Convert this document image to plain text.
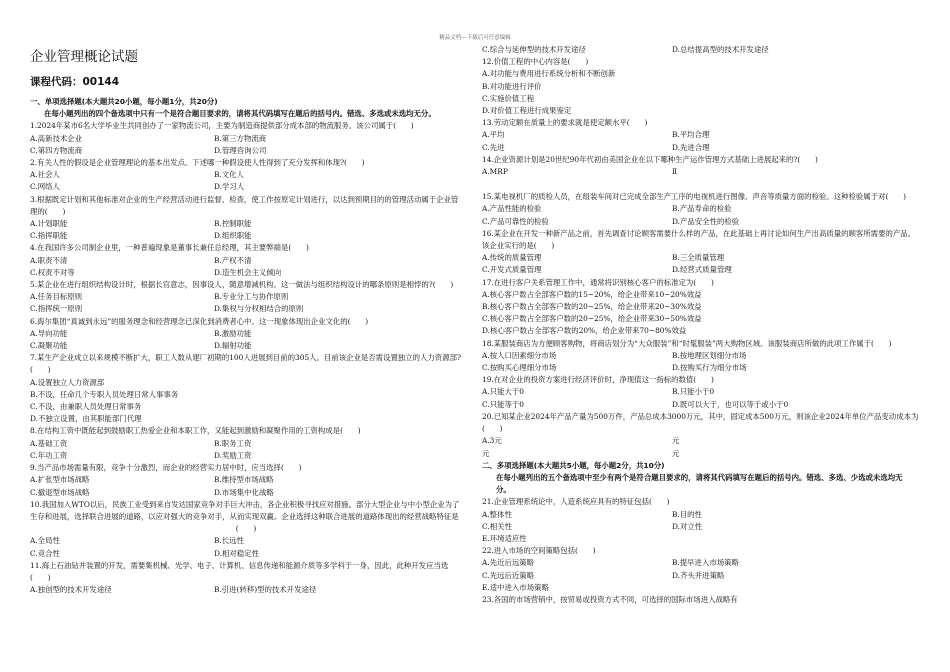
精品文档---下载后可任意编辑
企业管理概论试题
课程代码：00144
一、单项选择题(本大题共20小题，每小题1分，共20分)
在每小题列出的四个备选项中只有一个是符合题目要求的，请将其代码填写在题后的括号内。错选、多选或未选均无分。
1.2024年某市6名大学毕业生共同创办了一家物流公司，主要为制造商提供部分成本部的物流服务。该公司属于(　　)
A.高新技术企业	B.第三方物流商
C.第四方物流商	D.管理咨询公司
2.有关人性的假设是企业管理理论的基本出发点。下述哪一种假设使人性得到了充分发挥和体现?(　　)
A.社会人	B.文化人
C.网络人	D.学习人
3.根据既定计划和其他标准对企业的生产经营活动进行监督、检查，使工作按原定计划进行，以达到预期目的的管理活动属于企业管理的(　　)
A.计划职能	B.控制职能
C.指挥职能	D.组织职能
4.在我国许多公司制企业里，一种普遍现象是董事长兼任总经理，其主要弊端是(　　)
A.职责不清	B.产权不清
C.权责不对等	D.造生机会主义倾向
5.某企业在进行组织结构设计时，根据长官意志，因事设人，随意增减机构。这一做法与组织结构设计的哪条原则是相悖的?(　　)
A.任务目标原则	B.专业分工与协作原则
C.指挥统一原则	D.集权与分权相结合的原则
6.海尔集团“真诚到永远”的服务理念和经营理念已深化到消费者心中。这一现象体现出企业文化的(　　)
A.导向功能	B.激励功能
C.凝聚功能	D.辐射功能
7.某生产企业成立以来规模不断扩大，职工人数从建厂初期的100人进展到目前的305人。目前该企业是否需设置独立的人力资源部?(　　)
A.设置独立人力资源部
B.不设，任命几个专职人员处理日常人事事务
C.不设，由兼职人员处理日常事务
D.不独立设置，由其职能部门代理
8.在结构工资中既能起到鼓励职工热爱企业和本职工作，又能起到激励和凝聚作用的工资构成是(　　)
A.基础工资	B.职务工资
C.年功工资	D.奖励工资
9.当产品市场需量有限，竞争十分激烈，而企业的经营实力居中时，应当选择(　　)
A.扩张型市场战略	B.维持型市场战略
C.撤退型市场战略	D.市场集中化战略
10.我国加入WTO以后，民族工业受到来自发达国家竞争对手巨大冲击，各企业积极寻找应对措施。部分大型企业与中小型企业为了生存和进展，选择联合进展的道路，以应对强大的竞争对手，从而实现双赢。企业选择这种联合进展的道路体现出的经营战略特征是
(　　)
A.全局性	B.长远性
C.竞合性	D.相对稳定性
11.海上石油钻井装置的开发，需要集机械、光学、电子、计算机、信息传递和能源介质等多学科于一身，因此，此种开发应当选(　　)
A.独创型的技术开发途径	B.引进(转移)型的技术开发途径
C.综合与延伸型的技术开发途径	D.总结提高型的技术开发途径
12.价值工程的中心内容是(　　)
A.对功能与费用进行系统分析和不断创新
B.对功能进行评价
C.实施价值工程
D.对价值工程进行成果鉴定
13.劳动定额在质量上的要求就是使定额水平(　　)
A.平均	B.平均合理
C.先进	D.先进合理
14.企业资源计划是20世纪90年代初由美国企业在以下哪种生产运作管理方式基础上进展起来的?(　　)
A.MRP	Ⅱ
15.某电视机厂的质检人员，在组装车间对已完成全部生产工序的电视机进行图像、声音等质量方面的检验。这种检验属于对(　　)
A.产品性能的检验	B.产品寿命的检验
C.产品可靠性的检验	D.产品安全性的检验
16.某企业在开发一种新产品之前，首先调查讨论顾客需要什么样的产品，在此基础上再讨论如何生产出高质量的顾客所需要的产品。该企业实行的是(　　)
A.传统的质量管理	B.三全质量管理
C.开发式质量管理	D.经营式质量管理
17.在进行客户关系管理工作中，通常将识别核心客户的标准定为(　　)
A.核心客户数占全部客户数的15~20%，给企业带来10~20%效益
B.核心客户数占全部客户数的20~25%，给企业带来20~30%效益
C.核心客户数占全部客户数的20~25%，给企业带来30~50%效益
D.核心客户数占全部客户数的20%，给企业带来70~80%效益
18.某服装商店为方便顾客购物，将商店划分为“大众服装”和“时髦服装”两大购物区域。该服装商店所做的此项工作属于(　　)
A.按人口因素细分市场	B.按地理区划细分市场
C.按购买心理细分市场	D.按购买行为细分市场
19.在对企业的投资方案进行经济评价时，净现值这一指标的数值(　　)
A.只能大于0	B.只能小于0
C.只能等于0	D.既可以大于，也可以等于或小于0
20.已知某企业2024年产品产量为500万件，产品总成本3000万元，其中，固定成本500万元，则该企业2024年单位产品变动成本为(　　)
A.3元	元
元	元
二、多项选择题(本大题共5小题，每小题2分，共10分)
在每小题列出的五个备选项中至少有两个是符合题目要求的，请将其代码填写在题后的括号内。错选、多选、少选或未选均无分。
21.企业管理系统论中，人造系统应具有的特征包括(　　)
A.整体性	B.目的性
C.相关性	D.对立性
E.环境适应性
22.进入市场的空间策略包括(　　)
A.先近后远策略	B.提早进入市场策略
C.先远后近策略	D.齐头并进策略
E.适中进入市场策略
23.各国的市场营销中，按贸易或投资方式不同，可选择的国际市场进入战略有
